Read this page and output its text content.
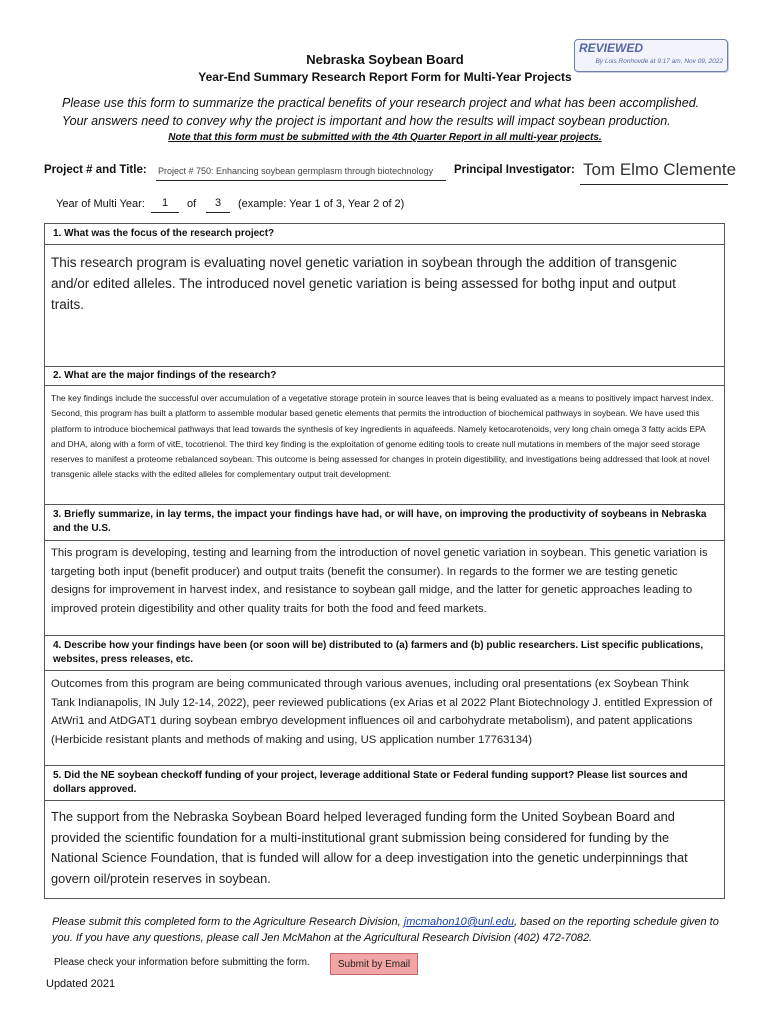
Nebraska Soybean Board
Year-End Summary Research Report Form for Multi-Year Projects
REVIEWED
By Lois Ronhovde at 9:17 am, Nov 09, 2022
Please use this form to summarize the practical benefits of your research project and what has been accomplished. Your answers need to convey why the project is important and how the results will impact soybean production.
Note that this form must be submitted with the 4th Quarter Report in all multi-year projects.
Project # and Title: Project # 750: Enhancing soybean germplasm through biotechnology Principal Investigator: Tom Elmo Clemente
Year of Multi Year:	1	of	3	(example: Year 1 of 3, Year 2 of 2)
1. What was the focus of the research project?
This research program is evaluating novel genetic variation in soybean through the addition of transgenic and/or edited alleles. The introduced novel genetic variation is being assessed for bothg input and output traits.
2. What are the major findings of the research?
The key findings include the successful over accumulation of a vegetative storage protein in source leaves that is being evaluated as a means to positively impact harvest index. Second, this program has built a platform to assemble modular based genetic elements that permits the introduction of biochemical pathways in soybean. We have used this platform to introduce biochemical pathways that lead towards the synthesis of key ingredients in aquafeeds. Namely ketocarotenoids, very long chain omega 3 fatty acids EPA and DHA, along with a form of vitE, tocotrienol. The third key finding is the exploitation of genome editing tools to create null mutations in members of the major seed storage reserves to manifest a proteome rebalanced soybean. This outcome is being assessed for changes in protein digestibility, and investigations being addressed that look at novel transgenic allele stacks with the edited alleles for complementary output trait development.
3. Briefly summarize, in lay terms, the impact your findings have had, or will have, on improving the productivity of soybeans in Nebraska and the U.S.
This program is developing, testing and learning from the introduction of novel genetic variation in soybean. This genetic variation is targeting both input (benefit producer) and output traits (benefit the consumer). In regards to the former we are testing genetic designs for improvement in harvest index, and resistance to soybean gall midge, and the latter for genetic approaches leading to improved protein digestibility and other quality traits for both the food and feed markets.
4. Describe how your findings have been (or soon will be) distributed to (a) farmers and (b) public researchers. List specific publications, websites, press releases, etc.
Outcomes from this program are being communicated through various avenues, including oral presentations (ex Soybean Think Tank Indianapolis, IN July 12-14, 2022), peer reviewed publications (ex Arias et al 2022 Plant Biotechnology J. entitled Expression of AtWri1 and AtDGAT1 during soybean embryo development influences oil and carbohydrate metabolism), and patent applications (Herbicide resistant plants and methods of making and using, US application number 17763134)
5. Did the NE soybean checkoff funding of your project, leverage additional State or Federal funding support? Please list sources and dollars approved.
The support from the Nebraska Soybean Board helped leveraged funding form the United Soybean Board and provided the scientific foundation for a multi-institutional grant submission being considered for funding by the National Science Foundation, that is funded will allow for a deep investigation into the genetic underpinnings that govern oil/protein reserves in soybean.
Please submit this completed form to the Agriculture Research Division, jmcmahon10@unl.edu, based on the reporting schedule given to you. If you have any questions, please call Jen McMahon at the Agricultural Research Division (402) 472-7082.
Please check your information before submitting the form.	Submit by Email
Updated 2021
